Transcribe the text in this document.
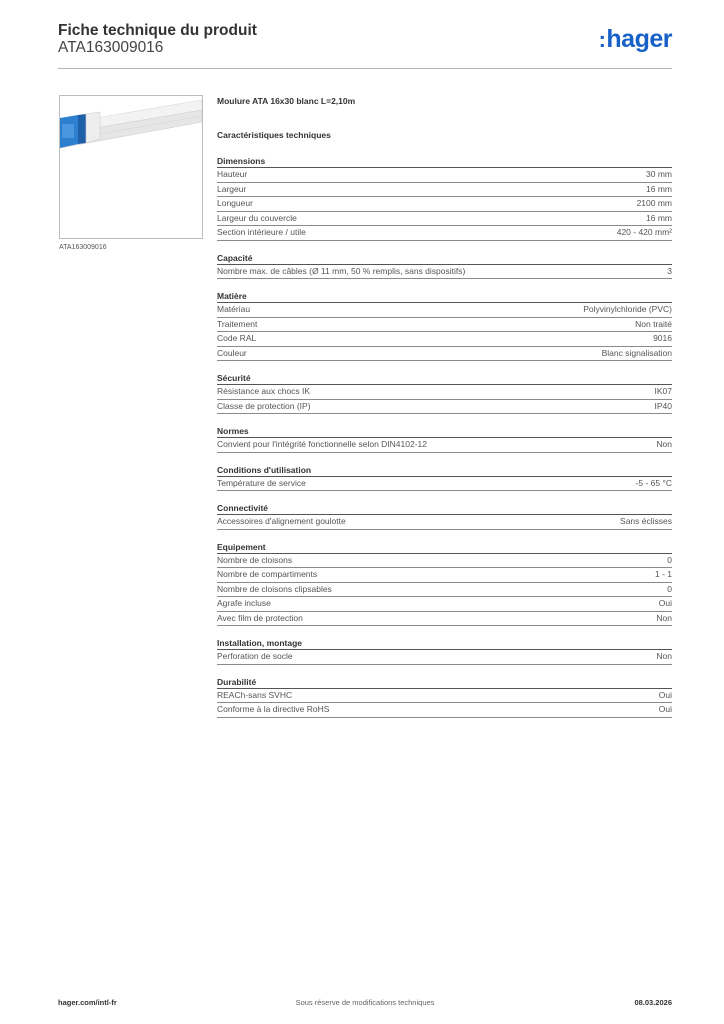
Fiche technique du produit
ATA163009016	:hager
ATA163009016
Moulure ATA 16x30 blanc L=2,10m
Caractéristiques techniques
Dimensions
Hauteur	30 mm
Largeur	16 mm
Longueur	2100 mm
Largeur du couvercle	16 mm
Section intérieure / utile	420 - 420 mm²
Capacité
Nombre max. de câbles (Ø 11 mm, 50 % remplis, sans dispositifs)	3
Matière
Matériau	Polyvinylchloride (PVC)
Traitement	Non traité
Code RAL	9016
Couleur	Blanc signalisation
Sécurité
Résistance aux chocs IK	IK07
Classe de protection (IP)	IP40
Normes
Convient pour l'intégrité fonctionnelle selon DIN4102-12	Non
Conditions d'utilisation
Température de service	-5 - 65 °C
Connectivité
Accessoires d'alignement goulotte	Sans éclisses
Equipement
Nombre de cloisons	0
Nombre de compartiments	1 - 1
Nombre de cloisons clipsables	0
Agrafe incluse	Oui
Avec film de protection	Non
Installation, montage
Perforation de socle	Non
Durabilité
REACh-sans SVHC	Oui
Conforme à la directive RoHS	Oui
hager.com/intl-fr	Sous réserve de modifications techniques	08.03.2026
